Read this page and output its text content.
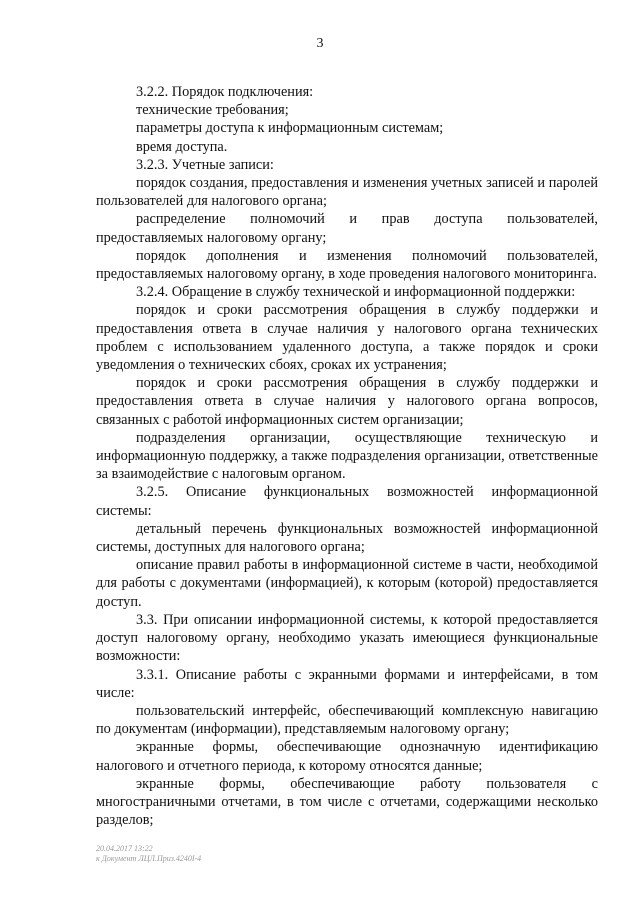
3

3.2.2. Порядок подключения:

технические требования;

параметры доступа к информационным системам;

время доступа.

3.2.3. Учетные записи:

порядок создания, предоставления и изменения учетных записей и паролей пользователей для налогового органа;

распределение полномочий и прав доступа пользователей, предоставляемых налоговому органу;

порядок дополнения и изменения полномочий пользователей, предоставляемых налоговому органу, в ходе проведения налогового мониторинга.

3.2.4. Обращение в службу технической и информационной поддержки:

порядок и сроки рассмотрения обращения в службу поддержки и предоставления ответа в случае наличия у налогового органа технических проблем с использованием удаленного доступа, а также порядок и сроки уведомления о технических сбоях, сроках их устранения;

порядок и сроки рассмотрения обращения в службу поддержки и предоставления ответа в случае наличия у налогового органа вопросов, связанных с работой информационных систем организации;

подразделения организации, осуществляющие техническую и информационную поддержку, а также подразделения организации, ответственные за взаимодействие с налоговым органом.

3.2.5. Описание функциональных возможностей информационной системы:

детальный перечень функциональных возможностей информационной системы, доступных для налогового органа;

описание правил работы в информационной системе в части, необходимой для работы с документами (информацией), к которым (которой) предоставляется доступ.

3.3. При описании информационной системы, к которой предоставляется доступ налоговому органу, необходимо указать имеющиеся функциональные возможности:

3.3.1. Описание работы с экранными формами и интерфейсами, в том числе:

пользовательский интерфейс, обеспечивающий комплексную навигацию по документам (информации), представляемым налоговому органу;

экранные формы, обеспечивающие однозначную идентификацию налогового и отчетного периода, к которому относятся данные;

экранные формы, обеспечивающие работу пользователя с многостраничными отчетами, в том числе с отчетами, содержащими несколько разделов;

20.04.2017 13:22
к Документ ЛЦЛ.Приз.4240I-4
